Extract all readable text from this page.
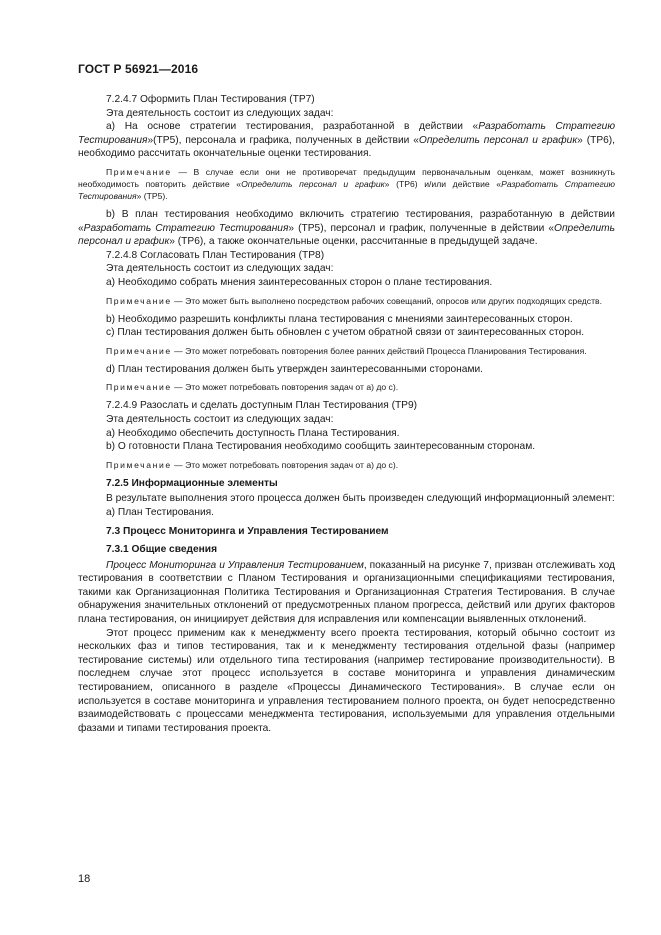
ГОСТ Р 56921—2016

7.2.4.7 Оформить План Тестирования (TP7)

Эта деятельность состоит из следующих задач:

а) На основе стратегии тестирования, разработанной в действии «Разработать Стратегию Тестирования»(TP5), персонала и графика, полученных в действии «Определить персонал и график» (TP6), необходимо рассчитать окончательные оценки тестирования.

Примечание — В случае если они не противоречат предыдущим первоначальным оценкам, может возникнуть необходимость повторить действие «Определить персонал и график» (TP6) и/или действие «Разработать Стратегию Тестирования» (TP5).

b) В план тестирования необходимо включить стратегию тестирования, разработанную в действии «Разработать Стратегию Тестирования» (TP5), персонал и график, полученные в действии «Определить персонал и график» (TP6), а также окончательные оценки, рассчитанные в предыдущей задаче.

7.2.4.8 Согласовать План Тестирования (TP8)

Эта деятельность состоит из следующих задач:

а) Необходимо собрать мнения заинтересованных сторон о плане тестирования.

Примечание — Это может быть выполнено посредством рабочих совещаний, опросов или других подходящих средств.

b) Необходимо разрешить конфликты плана тестирования с мнениями заинтересованных сторон.

c) План тестирования должен быть обновлен с учетом обратной связи от заинтересованных сторон.

Примечание — Это может потребовать повторения более ранних действий Процесса Планирования Тестирования.

d) План тестирования должен быть утвержден заинтересованными сторонами.

Примечание — Это может потребовать повторения задач от а) до с).

7.2.4.9 Разослать и сделать доступным План Тестирования (TP9)

Эта деятельность состоит из следующих задач:

а) Необходимо обеспечить доступность Плана Тестирования.

b) О готовности Плана Тестирования необходимо сообщить заинтересованным сторонам.

Примечание — Это может потребовать повторения задач от а) до с).

7.2.5 Информационные элементы

В результате выполнения этого процесса должен быть произведен следующий информационный элемент:

а) План Тестирования.

7.3 Процесс Мониторинга и Управления Тестированием

7.3.1 Общие сведения

Процесс Мониторинга и Управления Тестированием, показанный на рисунке 7, призван отслеживать ход тестирования в соответствии с Планом Тестирования и организационными спецификациями тестирования, такими как Организационная Политика Тестирования и Организационная Стратегия Тестирования. В случае обнаружения значительных отклонений от предусмотренных планом прогресса, действий или других факторов плана тестирования, он инициирует действия для исправления или компенсации выявленных отклонений.

Этот процесс применим как к менеджменту всего проекта тестирования, который обычно состоит из нескольких фаз и типов тестирования, так и к менеджменту тестирования отдельной фазы (например тестирование системы) или отдельного типа тестирования (например тестирование производительности). В последнем случае этот процесс используется в составе мониторинга и управления динамическим тестированием, описанного в разделе «Процессы Динамического Тестирования». В случае если он используется в составе мониторинга и управления тестированием полного проекта, он будет непосредственно взаимодействовать с процессами менеджмента тестирования, используемыми для управления отдельными фазами и типами тестирования проекта.

18
